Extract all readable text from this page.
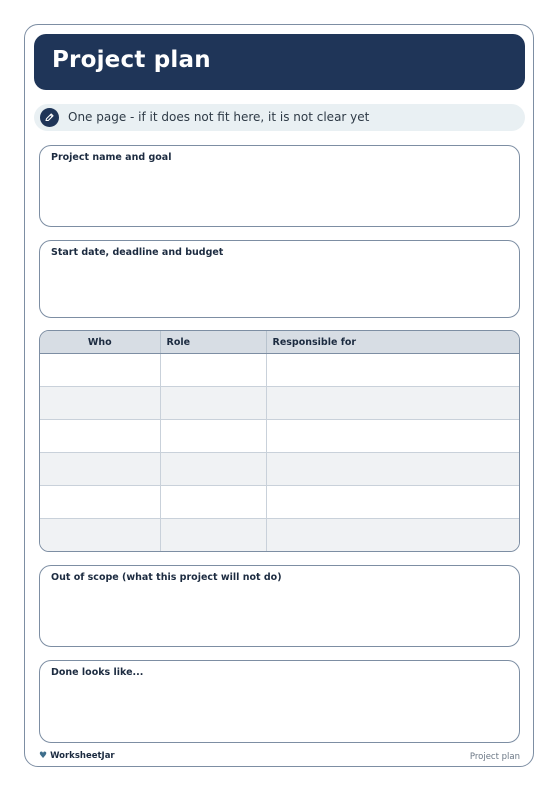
Project plan
One page - if it does not fit here, it is not clear yet
Project name and goal
Start date, deadline and budget
Who	Role	Responsible for

Out of scope (what this project will not do)
Done looks like...
♥ WorksheetJar	Project plan
